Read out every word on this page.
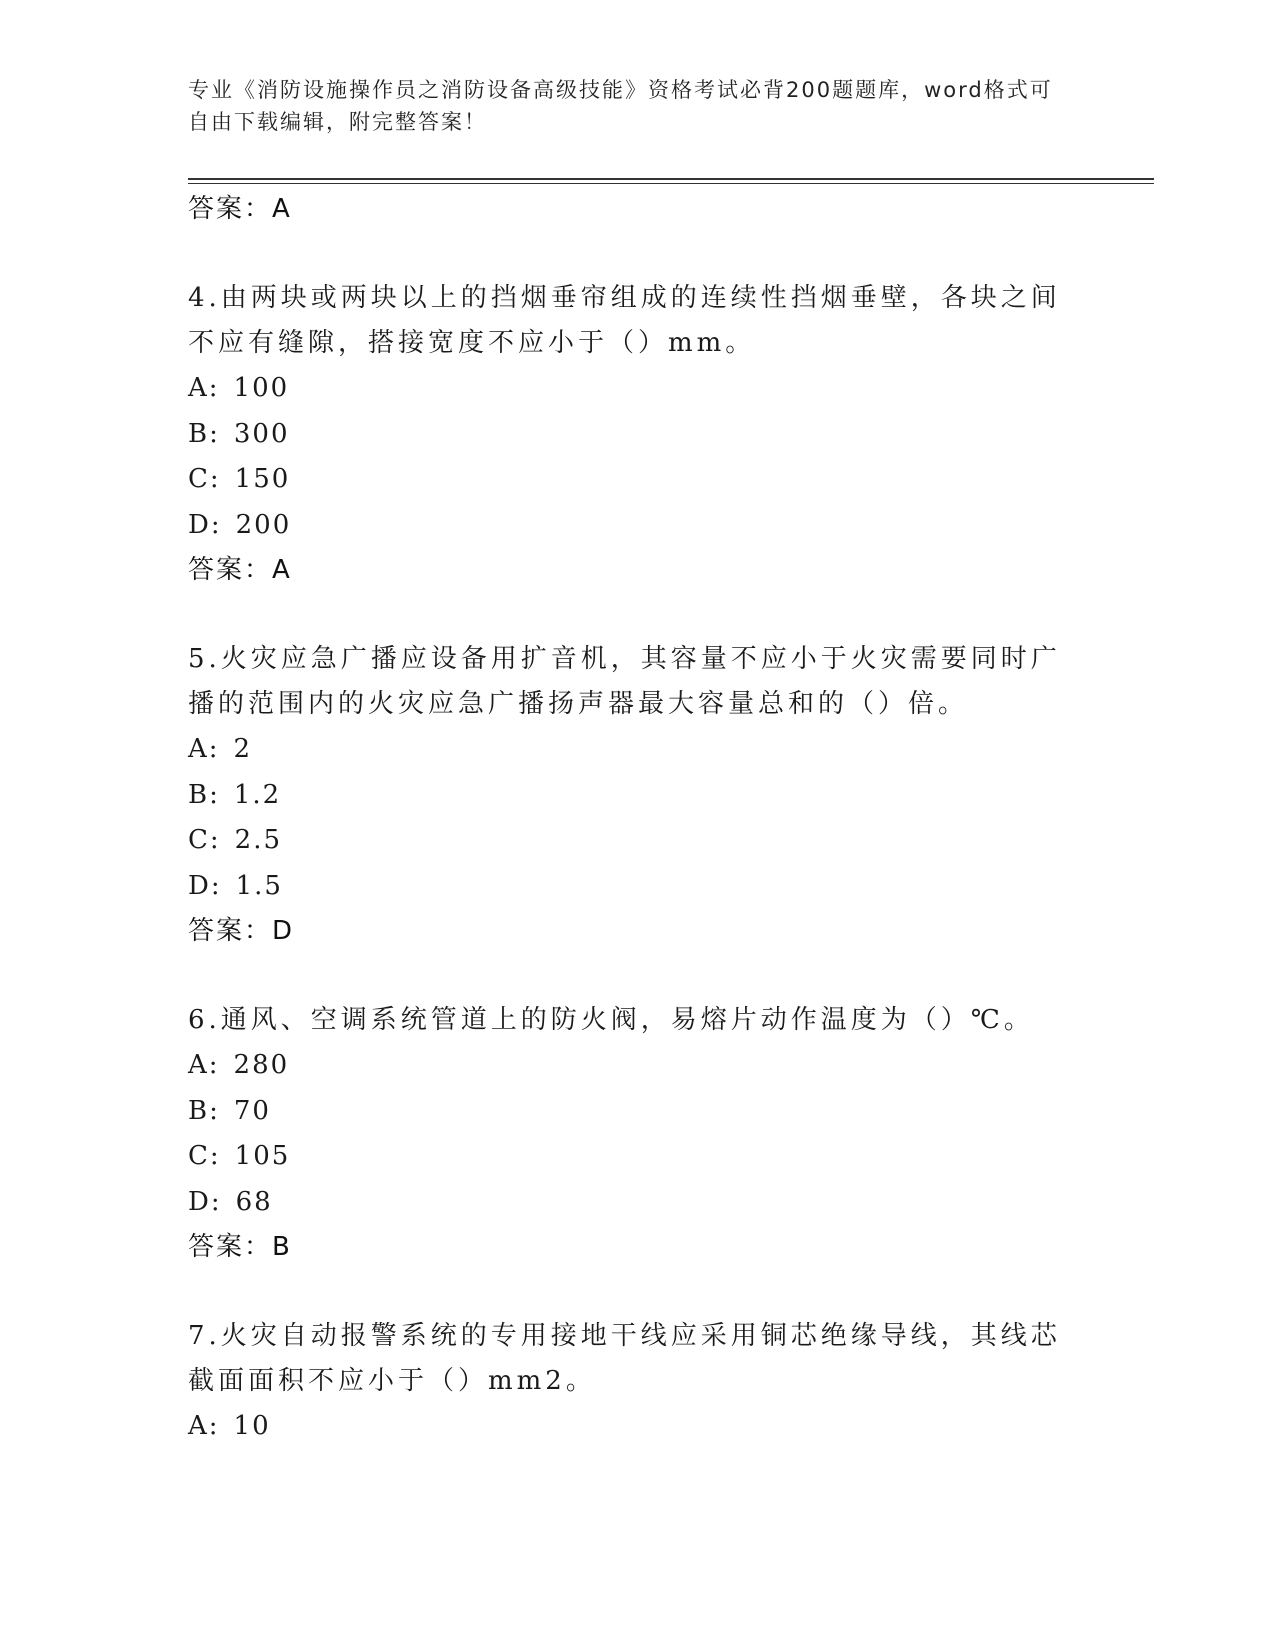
专业《消防设施操作员之消防设备高级技能》资格考试必背200题题库，word格式可自由下载编辑，附完整答案！
答案：A

4.由两块或两块以上的挡烟垂帘组成的连续性挡烟垂壁，各块之间不应有缝隙，搭接宽度不应小于（）mm。

A: 100
B: 300
C: 150
D: 200
答案：A

5.火灾应急广播应设备用扩音机，其容量不应小于火灾需要同时广播的范围内的火灾应急广播扬声器最大容量总和的（）倍。

A: 2
B: 1.2
C: 2.5
D: 1.5
答案：D

6.通风、空调系统管道上的防火阀，易熔片动作温度为（）℃。

A: 280
B: 70
C: 105
D: 68
答案：B

7.火灾自动报警系统的专用接地干线应采用铜芯绝缘导线，其线芯截面面积不应小于（）mm2。

A: 10
